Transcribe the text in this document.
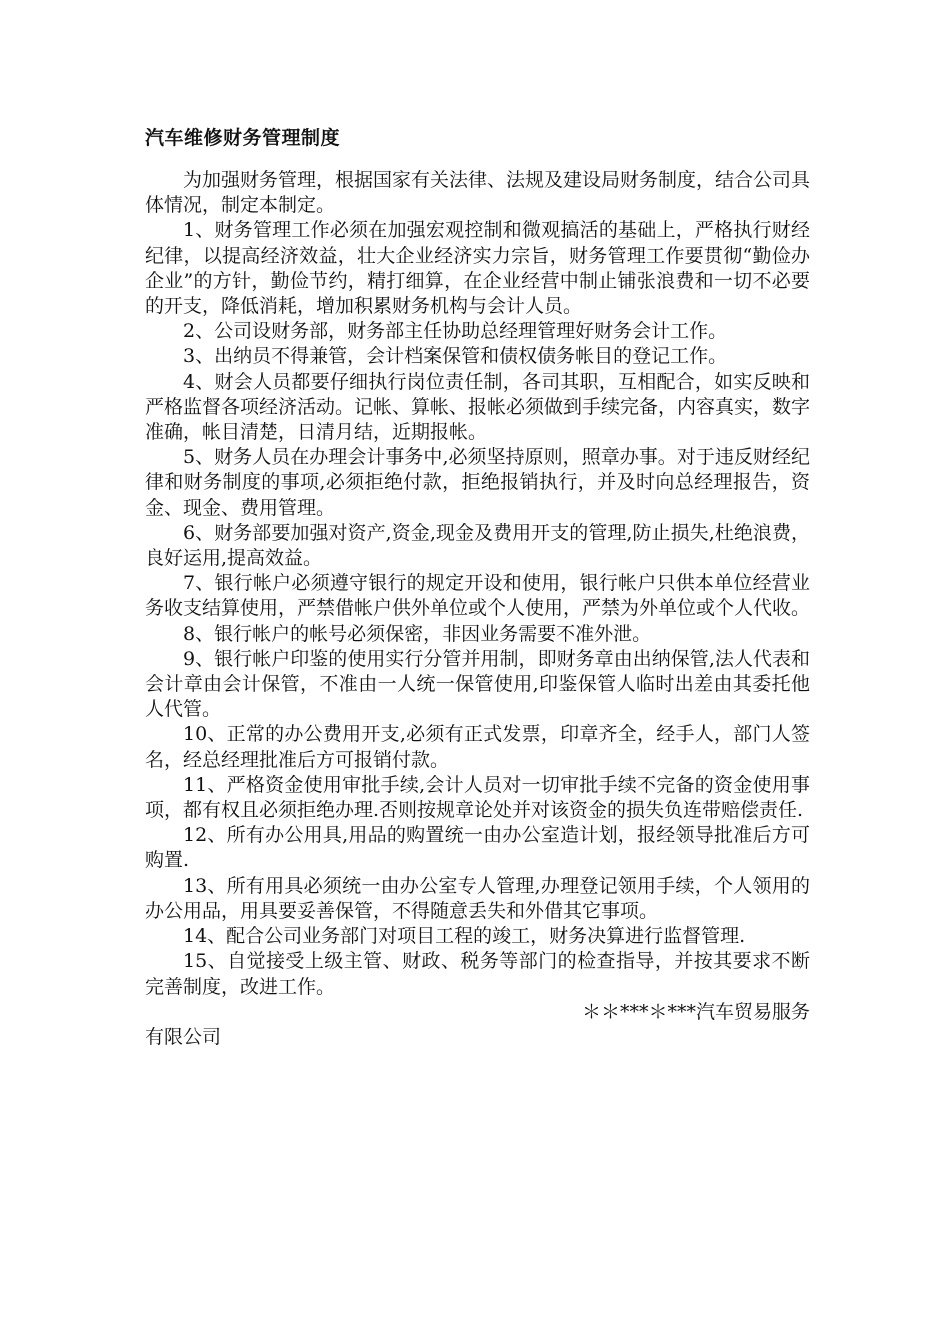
汽车维修财务管理制度

为加强财务管理，根据国家有关法律、法规及建设局财务制度，结合公司具体情况，制定本制定。

1、财务管理工作必须在加强宏观控制和微观搞活的基础上，严格执行财经纪律，以提高经济效益，壮大企业经济实力宗旨，财务管理工作要贯彻“勤俭办企业”的方针，勤俭节约，精打细算，在企业经营中制止铺张浪费和一切不必要的开支，降低消耗，增加积累财务机构与会计人员。

2、公司设财务部，财务部主任协助总经理管理好财务会计工作。

3、出纳员不得兼管，会计档案保管和债权债务帐目的登记工作。

4、财会人员都要仔细执行岗位责任制，各司其职，互相配合，如实反映和严格监督各项经济活动。记帐、算帐、报帐必须做到手续完备，内容真实，数字准确，帐目清楚，日清月结，近期报帐。

5、财务人员在办理会计事务中,必须坚持原则，照章办事。对于违反财经纪律和财务制度的事项,必须拒绝付款，拒绝报销执行，并及时向总经理报告，资金、现金、费用管理。

6、财务部要加强对资产,资金,现金及费用开支的管理,防止损失,杜绝浪费，良好运用,提高效益。

7、银行帐户必须遵守银行的规定开设和使用，银行帐户只供本单位经营业务收支结算使用，严禁借帐户供外单位或个人使用，严禁为外单位或个人代收。

8、银行帐户的帐号必须保密，非因业务需要不准外泄。

9、银行帐户印鉴的使用实行分管并用制，即财务章由出纳保管,法人代表和会计章由会计保管，不准由一人统一保管使用,印鉴保管人临时出差由其委托他人代管。

10、正常的办公费用开支,必须有正式发票，印章齐全，经手人，部门人签名，经总经理批准后方可报销付款。

11、严格资金使用审批手续,会计人员对一切审批手续不完备的资金使用事项，都有权且必须拒绝办理.否则按规章论处并对该资金的损失负连带赔偿责任.

12、所有办公用具,用品的购置统一由办公室造计划，报经领导批准后方可购置.

13、所有用具必须统一由办公室专人管理,办理登记领用手续，个人领用的办公用品，用具要妥善保管，不得随意丢失和外借其它事项。

14、配合公司业务部门对项目工程的竣工，财务决算进行监督管理.

15、自觉接受上级主管、财政、税务等部门的检查指导，并按其要求不断完善制度，改进工作。

＊＊***＊***汽车贸易服务

有限公司
